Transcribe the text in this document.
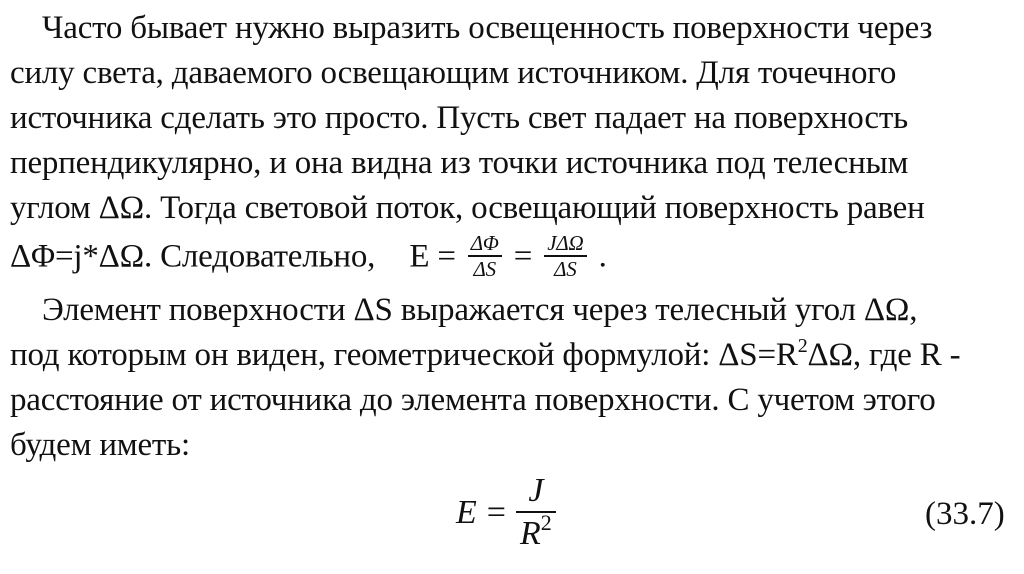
Часто бывает нужно выразить освещенность поверхности через
силу света, даваемого освещающим источником. Для точечного
источника сделать это просто. Пусть свет падает на поверхность
перпендикулярно, и она видна из точки источника под телесным
углом ΔΩ. Тогда световой поток, освещающий поверхность равен
ΔΦ=j*ΔΩ. Следовательно, $E = \frac{\Delta\Phi}{\Delta S} = \frac{\text{JΔΩ}}{\Delta S}$ .
Элемент поверхности ΔS выражается через телесный угол ΔΩ,
под которым он виден, геометрической формулой: $\Delta S=R^2\Delta\Omega$, где R -
расстояние от источника до элемента поверхности. С учетом этого
будем иметь:
$E = \frac{J}{R^2}$	(33.7)
